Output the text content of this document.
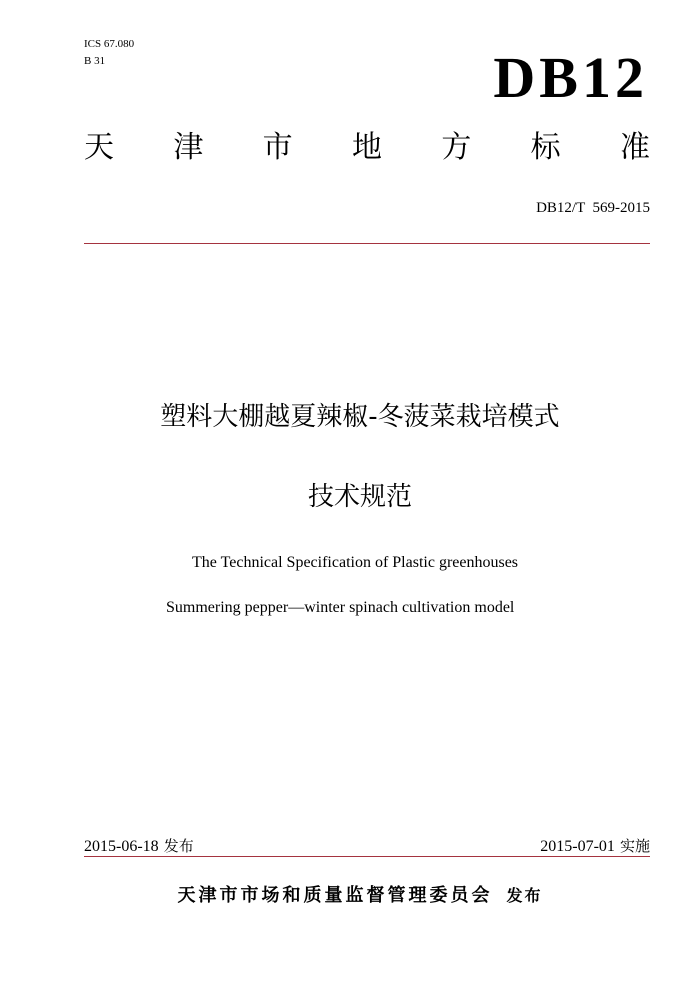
ICS 67.080
B 31	DB12
天 津 市 地 方 标 准
DB12/T  569-2015
塑料大棚越夏辣椒-冬菠菜栽培模式
技术规范
The Technical Specification of Plastic greenhouses
Summering pepper—winter spinach cultivation model
2015-06-18 发布	2015-07-01 实施
天津市市场和质量监督管理委员会 发布
